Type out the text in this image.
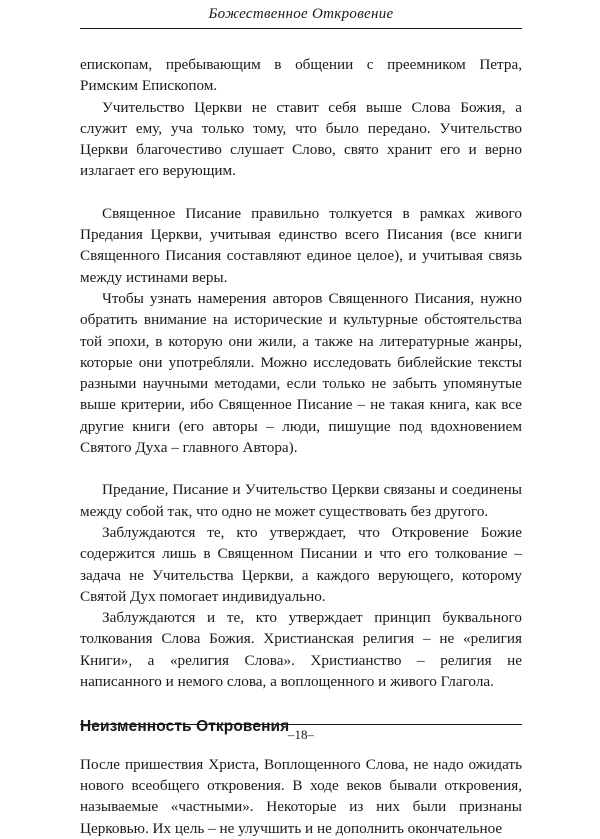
Божественное Откровение

епископам, пребывающим в общении с преемником Петра, Римским Епископом.

Учительство Церкви не ставит себя выше Слова Божия, а служит ему, уча только тому, что было передано. Учительство Церкви благочестиво слушает Слово, свято хранит его и верно излагает его верующим.

Священное Писание правильно толкуется в рамках живого Предания Церкви, учитывая единство всего Писания (все книги Священного Писания составляют единое целое), и учитывая связь между истинами веры.

Чтобы узнать намерения авторов Священного Писания, нужно обратить внимание на исторические и культурные обстоятельства той эпохи, в которую они жили, а также на литературные жанры, которые они употребляли. Можно исследовать библейские тексты разными научными методами, если только не забыть упомянутые выше критерии, ибо Священное Писание – не такая книга, как все другие книги (его авторы – люди, пишущие под вдохновением Святого Духа – главного Автора).

Предание, Писание и Учительство Церкви связаны и соединены между собой так, что одно не может существовать без другого.

Заблуждаются те, кто утверждает, что Откровение Божие содержится лишь в Священном Писании и что его толкование – задача не Учительства Церкви, а каждого верующего, которому Святой Дух помогает индивидуально.

Заблуждаются и те, кто утверждает принцип буквального толкования Слова Божия. Христианская религия – не «религия Книги», а «религия Слова». Христианство – религия не написанного и немого слова, а воплощенного и живого Глагола.

Неизменность Откровения

После пришествия Христа, Воплощенного Слова, не надо ожидать нового всеобщего откровения. В ходе веков бывали откровения, называемые «частными». Некоторые из них были признаны Церковью. Их цель – не улучшить и не дополнить окончательное

–18–
